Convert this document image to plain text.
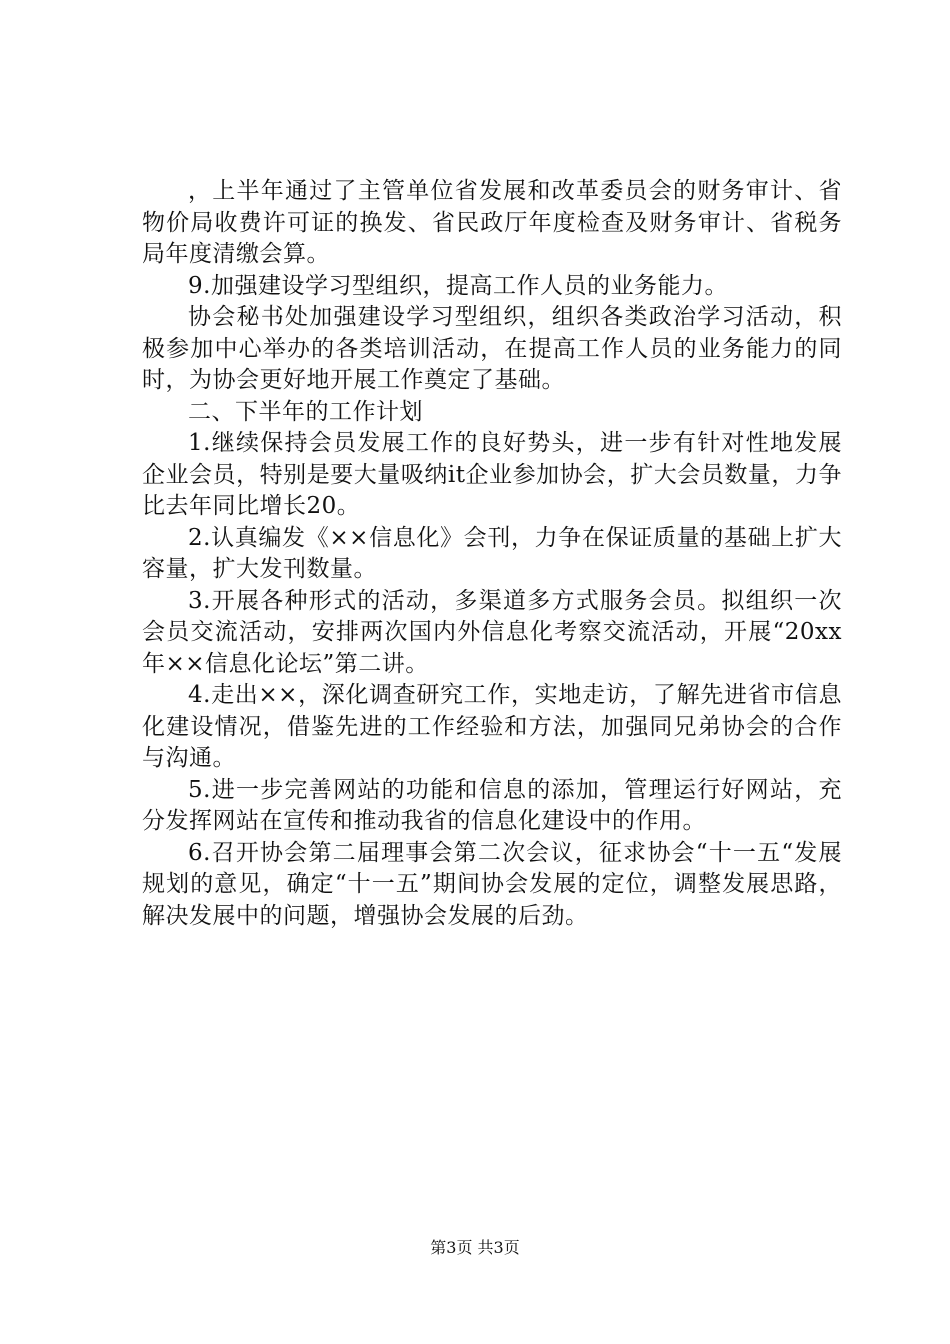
，上半年通过了主管单位省发展和改革委员会的财务审计、省物价局收费许可证的换发、省民政厅年度检查及财务审计、省税务局年度清缴会算。

9.加强建设学习型组织，提高工作人员的业务能力。

协会秘书处加强建设学习型组织，组织各类政治学习活动，积极参加中心举办的各类培训活动，在提高工作人员的业务能力的同时，为协会更好地开展工作奠定了基础。

二、下半年的工作计划

1.继续保持会员发展工作的良好势头，进一步有针对性地发展企业会员，特别是要大量吸纳it企业参加协会，扩大会员数量，力争比去年同比增长20。

2.认真编发《××信息化》会刊，力争在保证质量的基础上扩大容量，扩大发刊数量。

3.开展各种形式的活动，多渠道多方式服务会员。拟组织一次会员交流活动，安排两次国内外信息化考察交流活动，开展“20xx年××信息化论坛”第二讲。

4.走出××，深化调查研究工作，实地走访，了解先进省市信息化建设情况，借鉴先进的工作经验和方法，加强同兄弟协会的合作与沟通。

5.进一步完善网站的功能和信息的添加，管理运行好网站，充分发挥网站在宣传和推动我省的信息化建设中的作用。

6.召开协会第二届理事会第二次会议，征求协会“十一五“发展规划的意见，确定“十一五”期间协会发展的定位，调整发展思路，解决发展中的问题，增强协会发展的后劲。

第3页 共3页
